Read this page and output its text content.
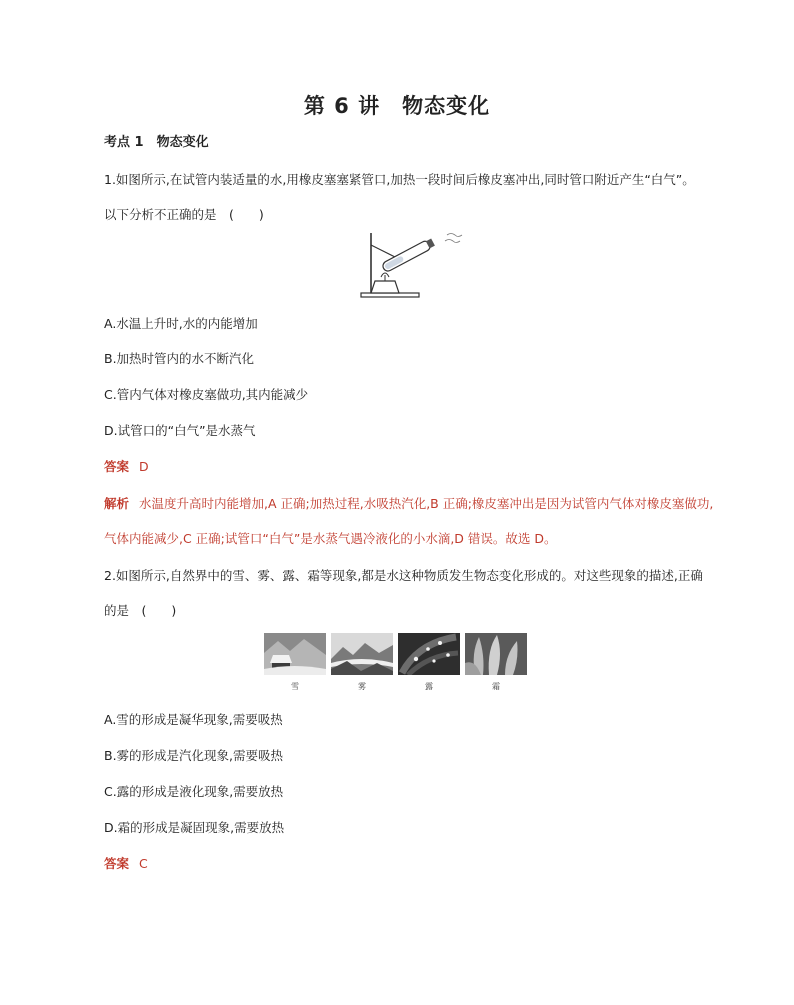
第 6 讲　物态变化
考点 1　物态变化
1.如图所示,在试管内装适量的水,用橡皮塞塞紧管口,加热一段时间后橡皮塞冲出,同时管口附近产生“白气”。
以下分析不正确的是　(　　)
A.水温上升时,水的内能增加
B.加热时管内的水不断汽化
C.管内气体对橡皮塞做功,其内能减少
D.试管口的“白气”是水蒸气
答案 D
解析 水温度升高时内能增加,A 正确;加热过程,水吸热汽化,B 正确;橡皮塞冲出是因为试管内气体对橡皮塞做功,
气体内能减少,C 正确;试管口“白气”是水蒸气遇冷液化的小水滴,D 错误。故选 D。
2.如图所示,自然界中的雪、雾、露、霜等现象,都是水这种物质发生物态变化形成的。对这些现象的描述,正确
的是　(　　)
雪	雾	露	霜
A.雪的形成是凝华现象,需要吸热
B.雾的形成是汽化现象,需要吸热
C.露的形成是液化现象,需要放热
D.霜的形成是凝固现象,需要放热
答案 C
